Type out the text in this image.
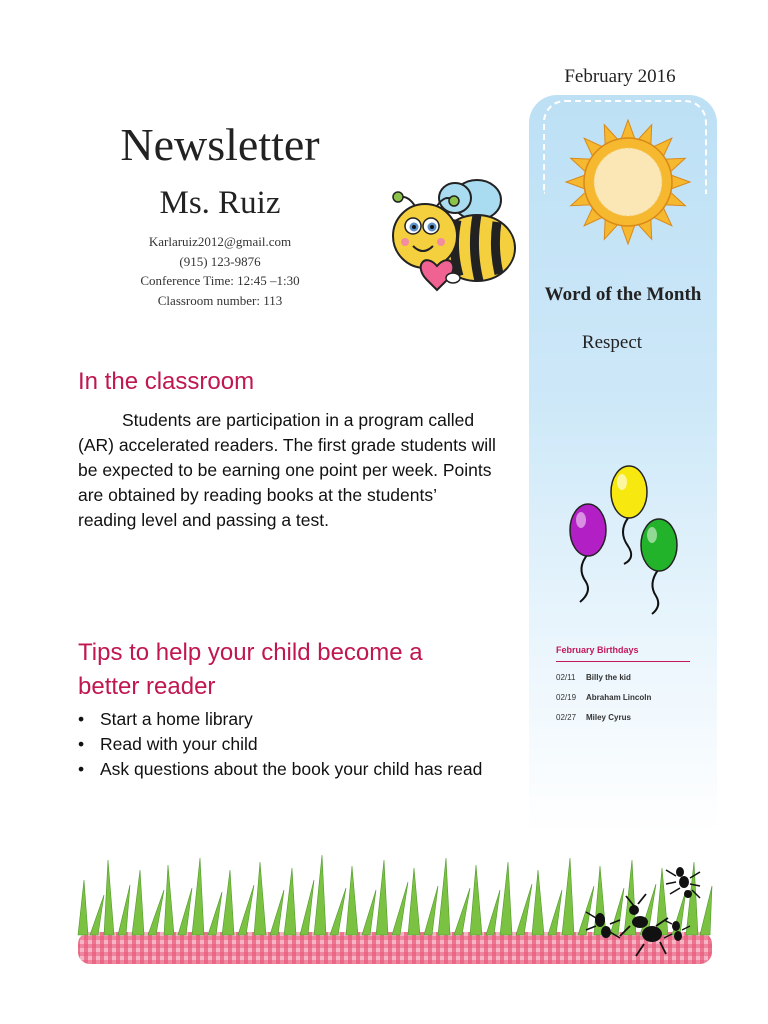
February 2016
Newsletter
Ms. Ruiz
Karlaruiz2012@gmail.com
(915) 123-9876
Conference Time: 12:45 –1:30
Classroom number: 113	Word of the Month
Respect
February Birthdays
02/11 Billy the kid
02/19 Abraham Lincoln
02/27 Miley Cyrus
In the classroom
Students are participation in a program called (AR) accelerated readers. The first grade students will be expected to be earning one point per week. Points are obtained by reading books at the students’ reading level and passing a test.
Tips to help your child become a better reader
• Start a home library
• Read with your child
• Ask questions about the book your child has read
